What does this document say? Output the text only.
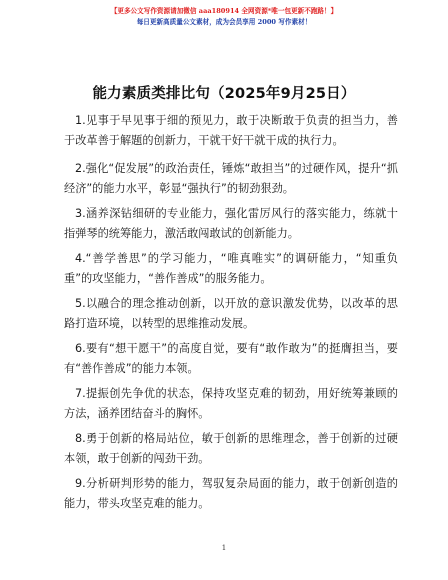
【更多公文写作资源请加微信 aaa180914 全网资源*唯一包更新不跑路！】
每日更新高质量公文素材，成为会员享用 2000 写作素材！
能力素质类排比句（2025年9月25日）

1.见事于早见事于细的预见力，敢于决断敢于负责的担当力，善于改革善于解题的创新力，干就干好干就干成的执行力。

2.强化“促发展”的政治责任，锤炼“敢担当”的过硬作风，提升“抓经济”的能力水平，彰显“强执行”的韧劲狠劲。

3.涵养深钻细研的专业能力，强化雷厉风行的落实能力，练就十指弹琴的统筹能力，激活敢闯敢试的创新能力。

4.“善学善思”的学习能力，“唯真唯实”的调研能力，“知重负重”的攻坚能力，“善作善成”的服务能力。

5.以融合的理念推动创新，以开放的意识激发优势，以改革的思路打造环境，以转型的思维推动发展。

6.要有“想干愿干”的高度自觉，要有“敢作敢为”的挺膺担当，要有“善作善成”的能力本领。

7.提振创先争优的状态，保持攻坚克难的韧劲，用好统筹兼顾的方法，涵养团结奋斗的胸怀。

8.勇于创新的格局站位，敏于创新的思维理念，善于创新的过硬本领，敢于创新的闯劲干劲。

9.分析研判形势的能力，驾驭复杂局面的能力，敢于创新创造的能力，带头攻坚克难的能力。

1
